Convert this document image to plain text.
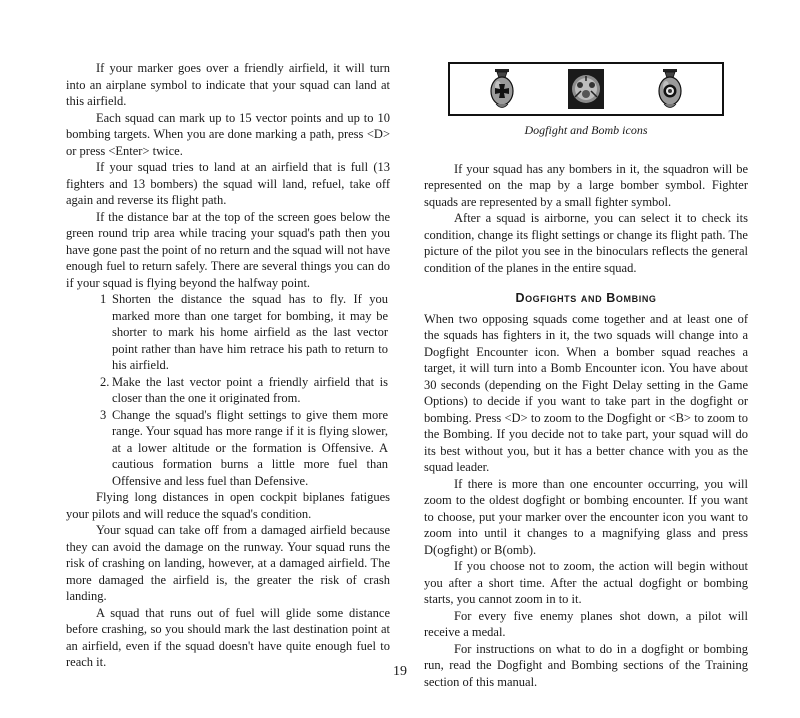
If your marker goes over a friendly airfield, it will turn into an airplane symbol to indicate that your squad can land at this airfield.

Each squad can mark up to 15 vector points and up to 10 bombing targets. When you are done marking a path, press <D> or press <Enter> twice.

If your squad tries to land at an airfield that is full (13 fighters and 13 bombers) the squad will land, refuel, take off again and reverse its flight path.

If the distance bar at the top of the screen goes below the green round trip area while tracing your squad's path then you have gone past the point of no return and the squad will not have enough fuel to return safely. There are several things you can do if your squad is flying beyond the halfway point.

1 Shorten the distance the squad has to fly. If you marked more than one target for bombing, it may be shorter to mark his home airfield as the last vector point rather than have him retrace his path to return to his airfield.
2. Make the last vector point a friendly airfield that is closer than the one it originated from.
3 Change the squad's flight settings to give them more range. Your squad has more range if it is flying slower, at a lower altitude or the formation is Offensive. A cautious formation burns a little more fuel than Offensive and less fuel than Defensive.

Flying long distances in open cockpit biplanes fatigues your pilots and will reduce the squad's condition.

Your squad can take off from a damaged airfield because they can avoid the damage on the runway. Your squad runs the risk of crashing on landing, however, at a damaged airfield. The more damaged the airfield is, the greater the risk of crash landing.

A squad that runs out of fuel will glide some distance before crashing, so you should mark the last destination point at an airfield, even if the squad doesn't have quite enough fuel to reach it.

Dogfight and Bomb icons

If your squad has any bombers in it, the squadron will be represented on the map by a large bomber symbol. Fighter squads are represented by a small fighter symbol.

After a squad is airborne, you can select it to check its condition, change its flight settings or change its flight path. The picture of the pilot you see in the binoculars reflects the general condition of the planes in the entire squad.

Dogfights and Bombing

When two opposing squads come together and at least one of the squads has fighters in it, the two squads will change into a Dogfight Encounter icon. When a bomber squad reaches a target, it will turn into a Bomb Encounter icon. You have about 30 seconds (depending on the Fight Delay setting in the Game Options) to decide if you want to take part in the dogfight or bombing. Press <D> to zoom to the Dogfight or <B> to zoom to the Bombing. If you decide not to take part, your squad will do its best without you, but it has a better chance with you as the squad leader.

If there is more than one encounter occurring, you will zoom to the oldest dogfight or bombing encounter. If you want to choose, put your marker over the encounter icon you want to zoom into until it changes to a magnifying glass and press D(ogfight) or B(omb).

If you choose not to zoom, the action will begin without you after a short time. After the actual dogfight or bombing starts, you cannot zoom in to it.

For every five enemy planes shot down, a pilot will receive a medal.

For instructions on what to do in a dogfight or bombing run, read the Dogfight and Bombing sections of the Training section of this manual.

19
